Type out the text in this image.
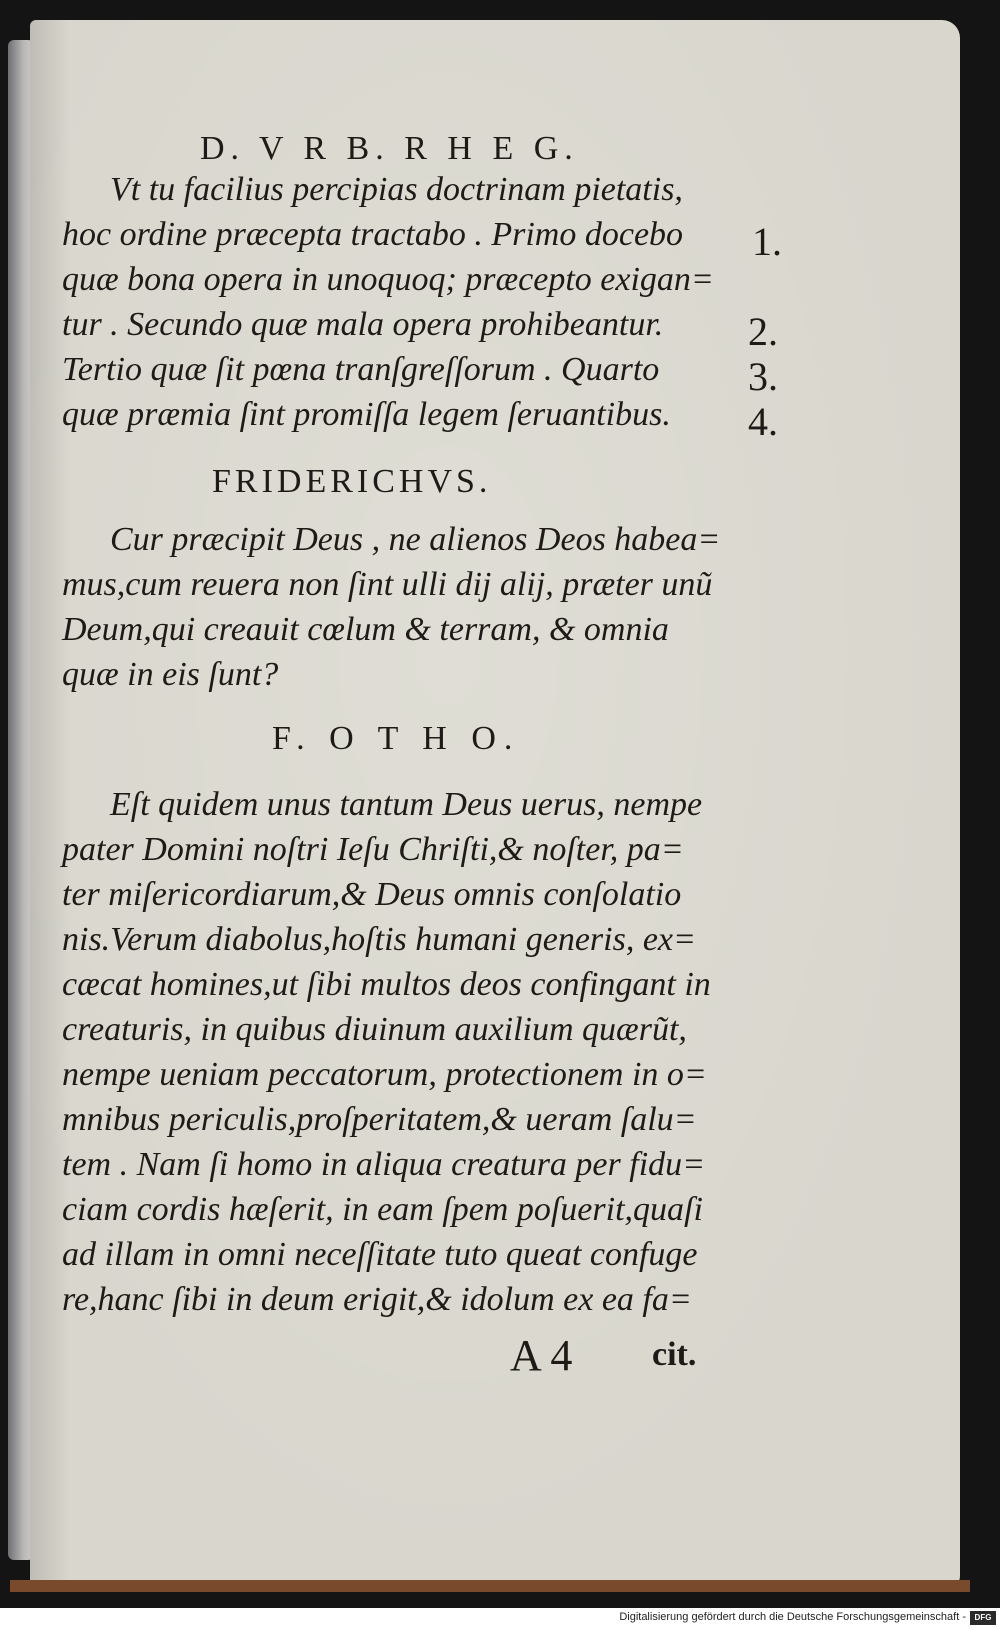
D. V R B. R H E G.
Vt tu facilius percipias doctrinam pietatis,
hoc ordine præcepta tractabo . Primo docebo
quæ bona opera in unoquoq; præcepto exigan=
tur . Secundo quæ mala opera prohibeantur.
Tertio quæ ſit pœna tranſgreſſorum . Quarto
quæ præmia ſint promiſſa legem ſeruantibus.
1.
2.
3.
4.
FRIDERICHVS.
Cur præcipit Deus , ne alienos Deos habea=
mus,cum reuera non ſint ulli dij alij, præter unũ
Deum,qui creauit cœlum & terram, & omnia
quæ in eis ſunt?
F. O T H O.
Eſt quidem unus tantum Deus uerus, nempe
pater Domini noſtri Ieſu Chriſti,& noſter, pa=
ter miſericordiarum,& Deus omnis conſolatio
nis.Verum diabolus,hoſtis humani generis, ex=
cæcat homines,ut ſibi multos deos confingant in
creaturis, in quibus diuinum auxilium quærũt,
nempe ueniam peccatorum, protectionem in o=
mnibus periculis,proſperitatem,& ueram ſalu=
tem . Nam ſi homo in aliqua creatura per fidu=
ciam cordis hæſerit, in eam ſpem poſuerit,quaſi
ad illam in omni neceſſitate tuto queat confuge
re,hanc ſibi in deum erigit,& idolum ex ea fa=
A 4 cit.
Digitalisierung gefördert durch die Deutsche Forschungsgemeinschaft -	DFG
